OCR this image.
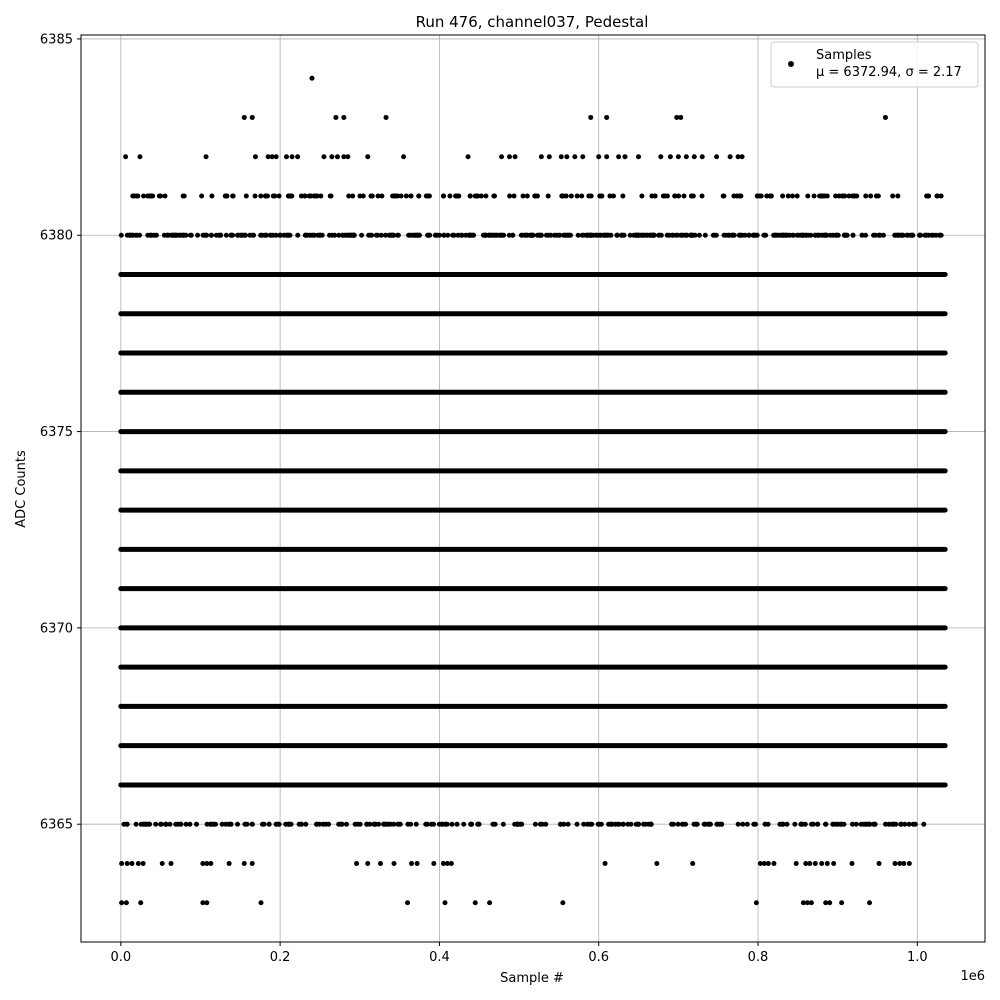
Run 476, channel037, Pedestal
0.0	0.2	0.4	0.6	0.8	1.0
6365
6370
6375
6380
6385
Sample #
ADC Counts
1e6
Samples
μ = 6372.94, σ = 2.17
